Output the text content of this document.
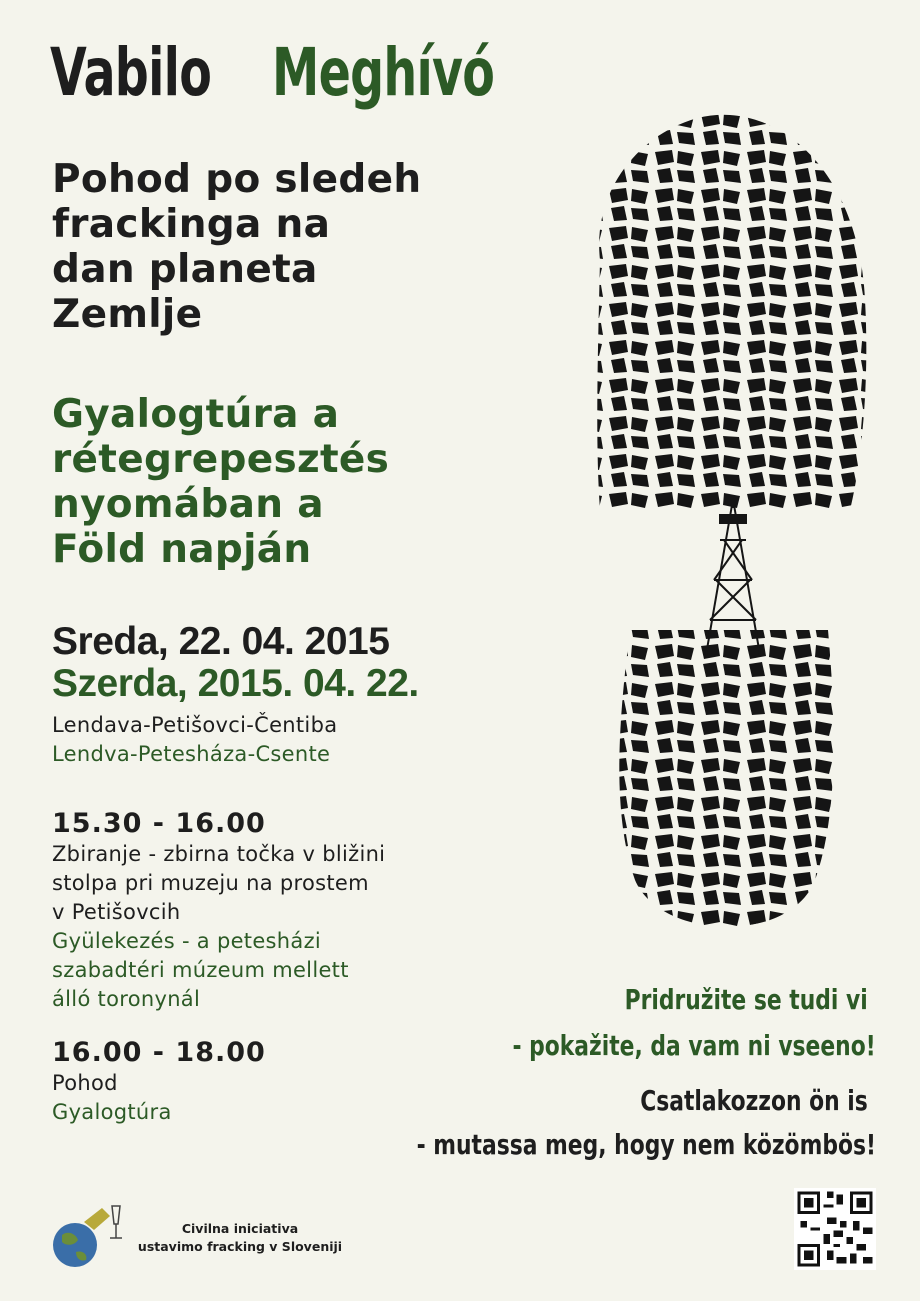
Vabilo Meghívó
Pohod po sledeh
frackinga na
dan planeta
Zemlje
Gyalogtúra a
rétegrepesztés
nyomában a
Föld napján
Sreda, 22. 04. 2015
Szerda, 2015. 04. 22.
Lendava-Petišovci-Čentiba
Lendva-Petesháza-Csente
15.30 - 16.00
Zbiranje - zbirna točka v bližini
stolpa pri muzeju na prostem
v Petišovcih
Gyülekezés - a petesházi
szabadtéri múzeum mellett
álló toronynál
16.00 - 18.00
Pohod
Gyalogtúra
Pridružite se tudi vi
- pokažite, da vam ni vseeno!
Csatlakozzon ön is
- mutassa meg, hogy nem közömbös!
Civilna iniciativa
ustavimo fracking v Sloveniji
